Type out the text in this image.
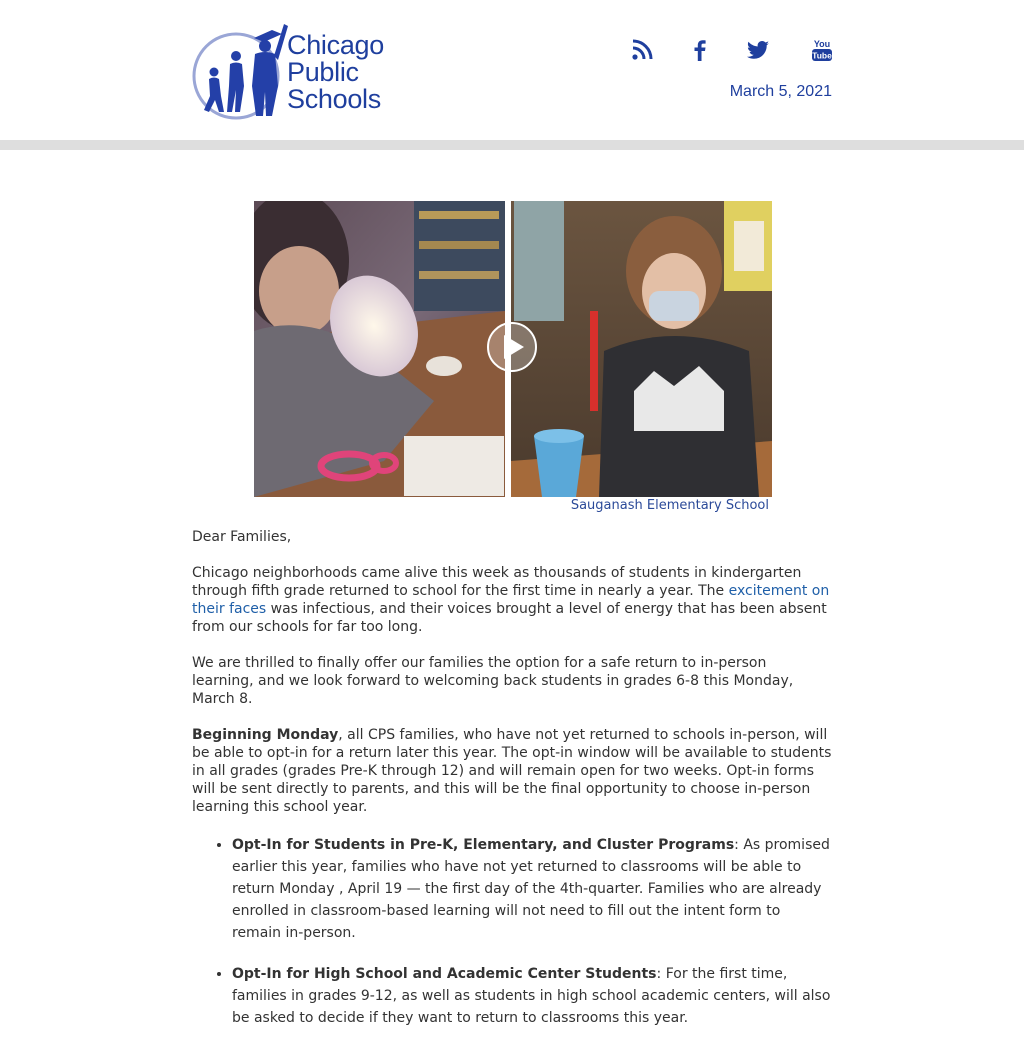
Chicago
Public
Schools
You
Tube
March 5, 2021
Sauganash Elementary School

Dear Families,

Chicago neighborhoods came alive this week as thousands of students in kindergarten through fifth grade returned to school for the first time in nearly a year. The excitement on their faces was infectious, and their voices brought a level of energy that has been absent from our schools for far too long.

We are thrilled to finally offer our families the option for a safe return to in-person learning, and we look forward to welcoming back students in grades 6-8 this Monday, March 8.

Beginning Monday, all CPS families, who have not yet returned to schools in-person, will be able to opt-in for a return later this year. The opt-in window will be available to students in all grades (grades Pre-K through 12) and will remain open for two weeks. Opt-in forms will be sent directly to parents, and this will be the final opportunity to choose in-person learning this school year.

• Opt-In for Students in Pre-K, Elementary, and Cluster Programs: As promised earlier this year, families who have not yet returned to classrooms will be able to return Monday , April 19 — the first day of the 4th-quarter. Families who are already enrolled in classroom-based learning will not need to fill out the intent form to remain in-person.
• Opt-In for High School and Academic Center Students: For the first time, families in grades 9-12, as well as students in high school academic centers, will also be asked to decide if they want to return to classrooms this year.
